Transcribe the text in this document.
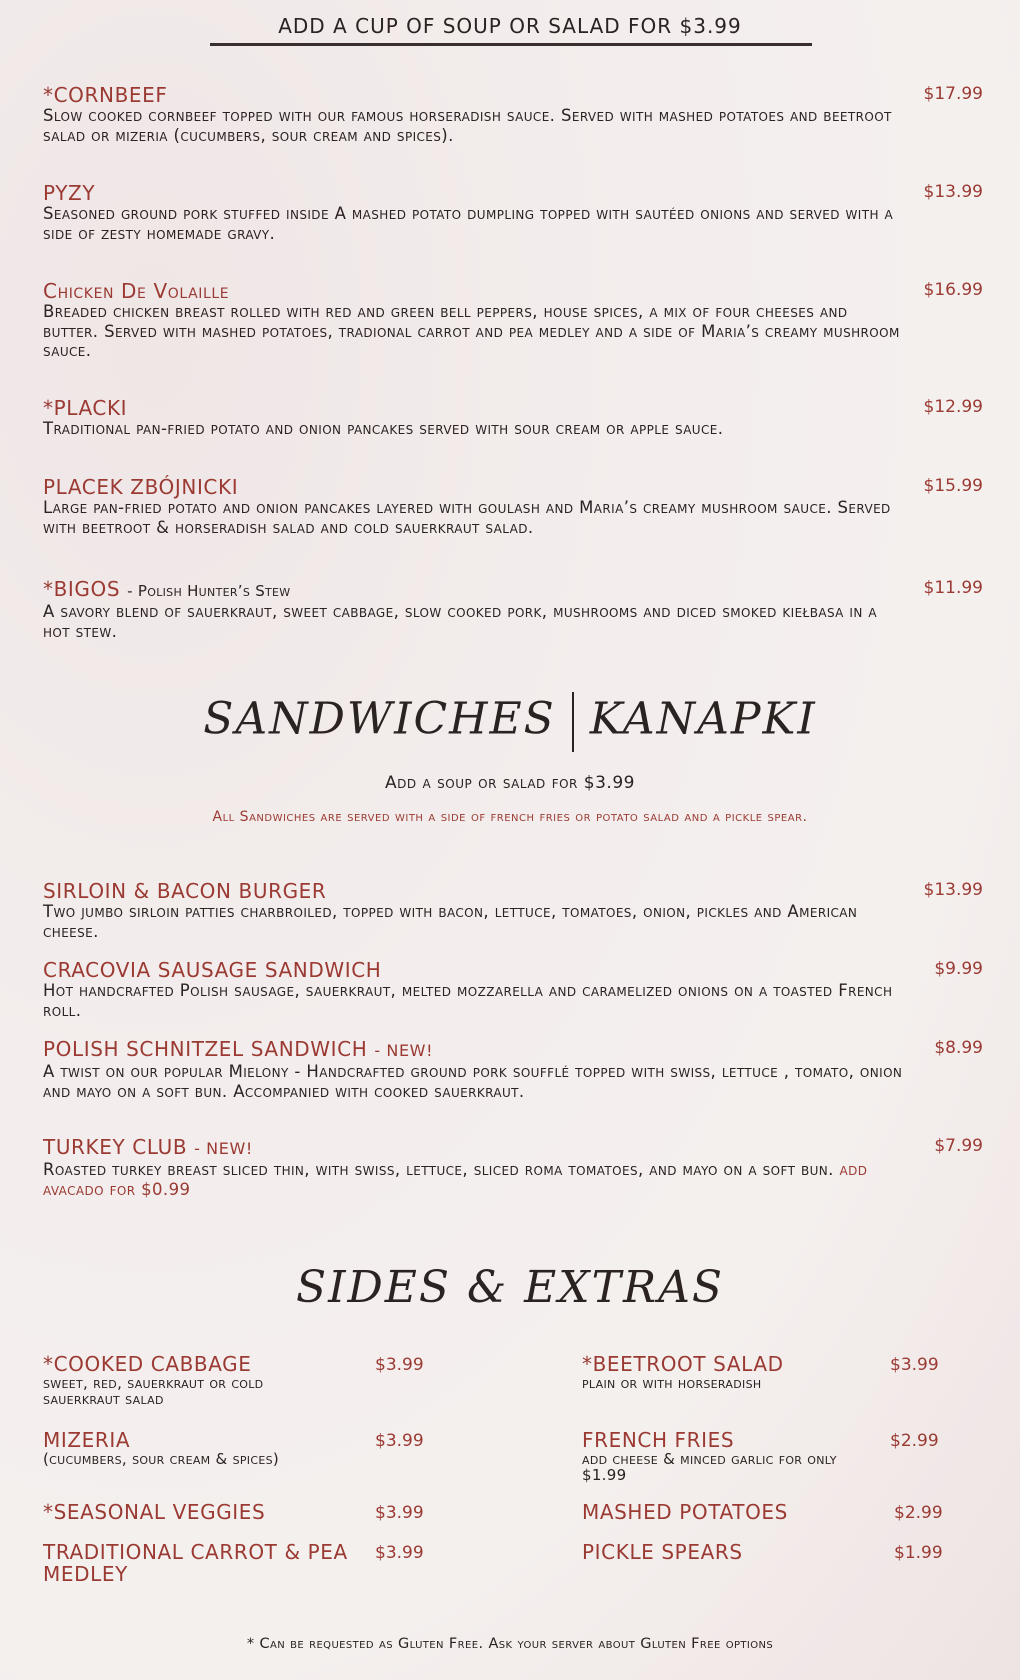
ADD A CUP OF SOUP OR SALAD FOR $3.99
*CORNBEEF	$17.99
Slow cooked cornbeef topped with our famous horseradish sauce. Served with mashed potatoes and beetroot salad or mizeria (cucumbers, sour cream and spices).
PYZY	$13.99
Seasoned ground pork stuffed inside A mashed potato dumpling topped with sautéed onions and served with a side of zesty homemade gravy.
Chicken De Volaille	$16.99
Breaded chicken breast rolled with red and green bell peppers, house spices, a mix of four cheeses and butter. Served with mashed potatoes, tradional carrot and pea medley and a side of Maria’s creamy mushroom sauce.
*PLACKI	$12.99
Traditional pan-fried potato and onion pancakes served with sour cream or apple sauce.
PLACEK ZBÓJNICKI	$15.99
Large pan-fried potato and onion pancakes layered with goulash and Maria’s creamy mushroom sauce. Served with beetroot & horseradish salad and cold sauerkraut salad.
*BIGOS - Polish Hunter’s Stew	$11.99
A savory blend of sauerkraut, sweet cabbage, slow cooked pork, mushrooms and diced smoked kiełbasa in a hot stew.
SANDWICHES KANAPKI
Add a soup or salad for $3.99
All Sandwiches are served with a side of french fries or potato salad and a pickle spear.
SIRLOIN & BACON BURGER	$13.99
Two jumbo sirloin patties charbroiled, topped with bacon, lettuce, tomatoes, onion, pickles and American cheese.
CRACOVIA SAUSAGE SANDWICH	$9.99
Hot handcrafted Polish sausage, sauerkraut, melted mozzarella and caramelized onions on a toasted French roll.
POLISH SCHNITZEL SANDWICH - NEW!	$8.99
A twist on our popular Mielony - Handcrafted ground pork soufflé topped with swiss, lettuce , tomato, onion and mayo on a soft bun. Accompanied with cooked sauerkraut.
TURKEY CLUB - NEW!	$7.99
Roasted turkey breast sliced thin, with swiss, lettuce, sliced roma tomatoes, and mayo on a soft bun. add avacado for $0.99
SIDES & EXTRAS
*COOKED CABBAGE	$3.99
sweet, red, sauerkraut or cold sauerkraut salad
MIZERIA	$3.99
(cucumbers, sour cream & spices)
*SEASONAL VEGGIES	$3.99
TRADITIONAL CARROT & PEA MEDLEY
$3.99
*BEETROOT SALAD	$3.99
plain or with horseradish
FRENCH FRIES	$2.99
add cheese & minced garlic for only $1.99
MASHED POTATOES	$2.99
PICKLE SPEARS	$1.99
* Can be requested as Gluten Free. Ask your server about Gluten Free options
